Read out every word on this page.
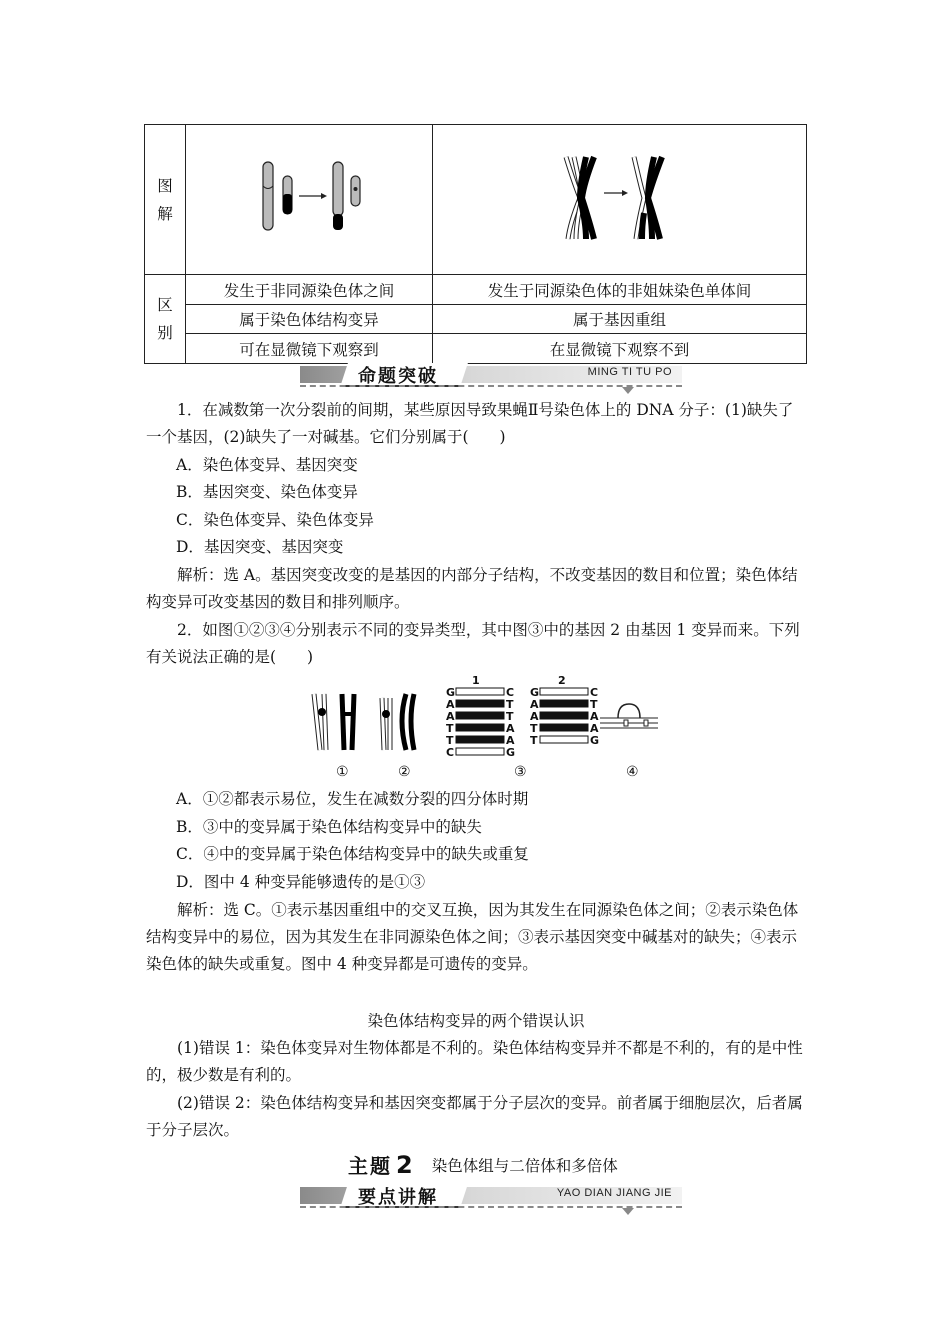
图解

区别	发生于非同源染色体之间	发生于同源染色体的非姐妹染色单体间
	属于染色体结构变异	属于基因重组
	可在显微镜下观察到	在显微镜下观察不到
命题突破	MING TI TU PO
1．在减数第一次分裂前的间期，某些原因导致果蝇Ⅱ号染色体上的 DNA 分子：(1)缺失了一个基因，(2)缺失了一对碱基。它们分别属于(　　)
A．染色体变异、基因突变
B．基因突变、染色体变异
C．染色体变异、染色体变异
D．基因突变、基因突变
解析：选 A。基因突变改变的是基因的内部分子结构，不改变基因的数目和位置；染色体结构变异可改变基因的数目和排列顺序。
2．如图①②③④分别表示不同的变异类型，其中图③中的基因 2 由基因 1 变异而来。下列有关说法正确的是(　　)
1	2
G	C
A	T
A	T
T	A
T	A
C	G
G	C
A	T
A	A
T	A
T	G
①	②	③	④
A．①②都表示易位，发生在减数分裂的四分体时期
B．③中的变异属于染色体结构变异中的缺失
C．④中的变异属于染色体结构变异中的缺失或重复
D．图中 4 种变异能够遗传的是①③
解析：选 C。①表示基因重组中的交叉互换，因为其发生在同源染色体之间；②表示染色体结构变异中的易位，因为其发生在非同源染色体之间；③表示基因突变中碱基对的缺失；④表示染色体的缺失或重复。图中 4 种变异都是可遗传的变异。
染色体结构变异的两个错误认识
(1)错误 1：染色体变异对生物体都是不利的。染色体结构变异并不都是不利的，有的是中性的，极少数是有利的。
(2)错误 2：染色体结构变异和基因突变都属于分子层次的变异。前者属于细胞层次，后者属于分子层次。
主题 2 染色体组与二倍体和多倍体
要点讲解	YAO DIAN JIANG JIE
